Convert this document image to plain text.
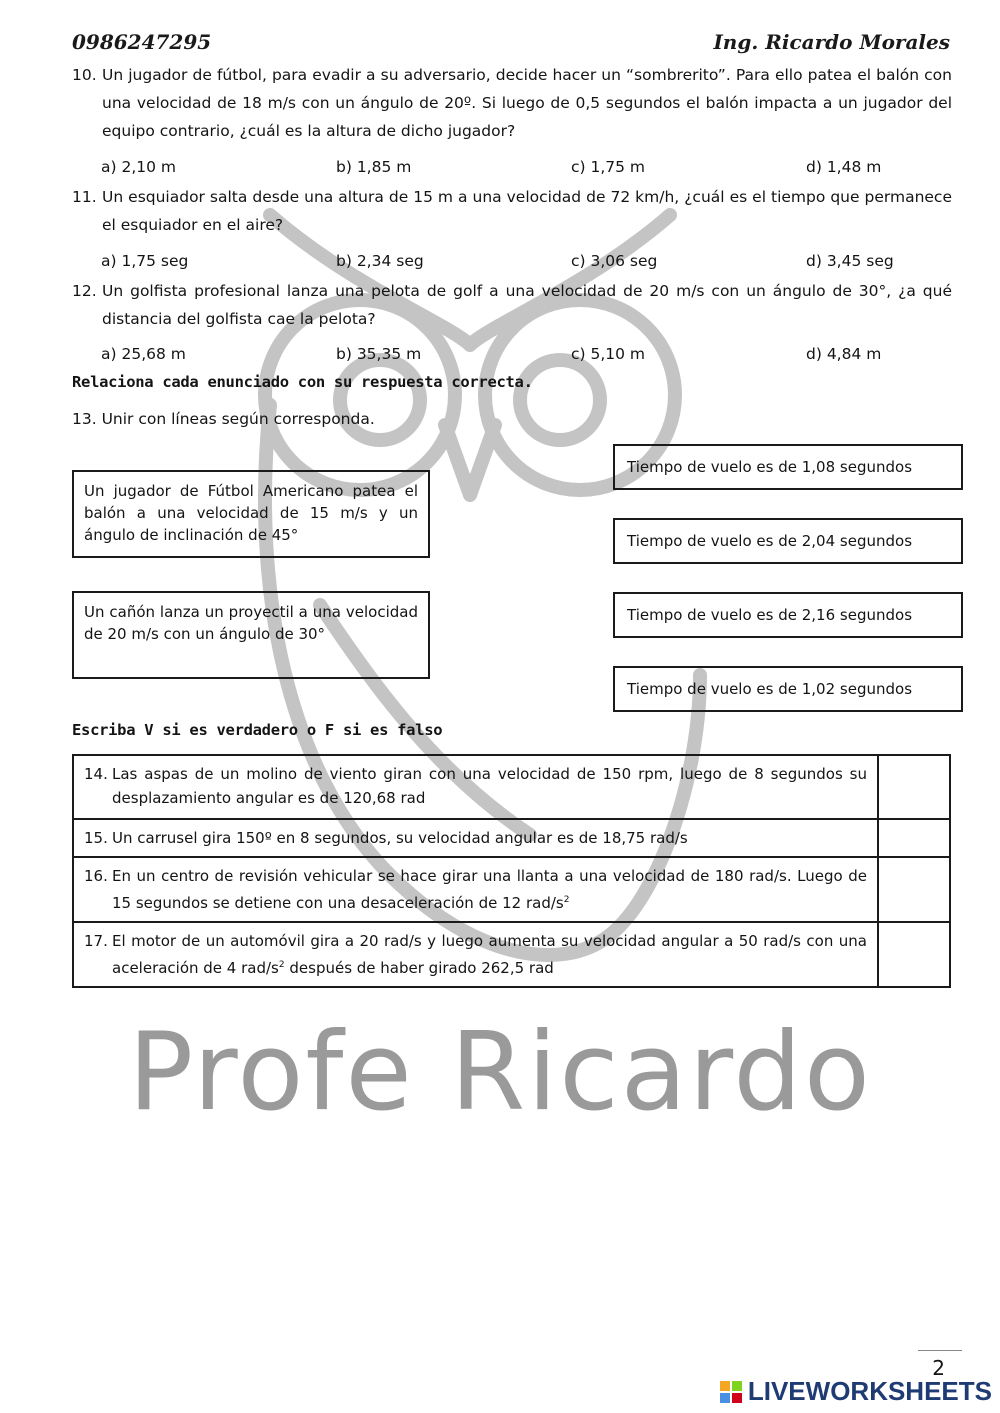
0986247295	Ing. Ricardo Morales
10. Un jugador de fútbol, para evadir a su adversario, decide hacer un “sombrerito”. Para ello patea el balón con una velocidad de 18 m/s con un ángulo de 20º. Si luego de 0,5 segundos el balón impacta a un jugador del equipo contrario, ¿cuál es la altura de dicho jugador?
a) 2,10 m	b) 1,85 m	c) 1,75 m	d) 1,48 m
11. Un esquiador salta desde una altura de 15 m a una velocidad de 72 km/h, ¿cuál es el tiempo que permanece el esquiador en el aire?
a) 1,75 seg	b) 2,34 seg	c) 3,06 seg	d) 3,45 seg
12. Un golfista profesional lanza una pelota de golf a una velocidad de 20 m/s con un ángulo de 30°, ¿a qué distancia del golfista cae la pelota?
a) 25,68 m	b) 35,35 m	c) 5,10 m	d) 4,84 m
Relaciona cada enunciado con su respuesta correcta.
13. Unir con líneas según corresponda.
Un jugador de Fútbol Americano patea el balón a una velocidad de 15 m/s y un ángulo de inclinación de 45°
Un cañón lanza un proyectil a una velocidad de 20 m/s con un ángulo de 30°
Tiempo de vuelo es de 1,08 segundos
Tiempo de vuelo es de 2,04 segundos
Tiempo de vuelo es de 2,16 segundos
Tiempo de vuelo es de 1,02 segundos
Escriba V si es verdadero o F si es falso
14. Las aspas de un molino de viento giran con una velocidad de 150 rpm, luego de 8 segundos su desplazamiento angular es de 120,68 rad	

15. Un carrusel gira 150º en 8 segundos, su velocidad angular es de 18,75 rad/s	

16. En un centro de revisión vehicular se hace girar una llanta a una velocidad de 180 rad/s. Luego de 15 segundos se detiene con una desaceleración de 12 rad/$s^2$

17. El motor de un automóvil gira a 20 rad/s y luego aumenta su velocidad angular a 50 rad/s con una aceleración de 4 rad/$s^2$ después de haber girado 262,5 rad	

Profe Ricardo
2
LIVEWORKSHEETS
